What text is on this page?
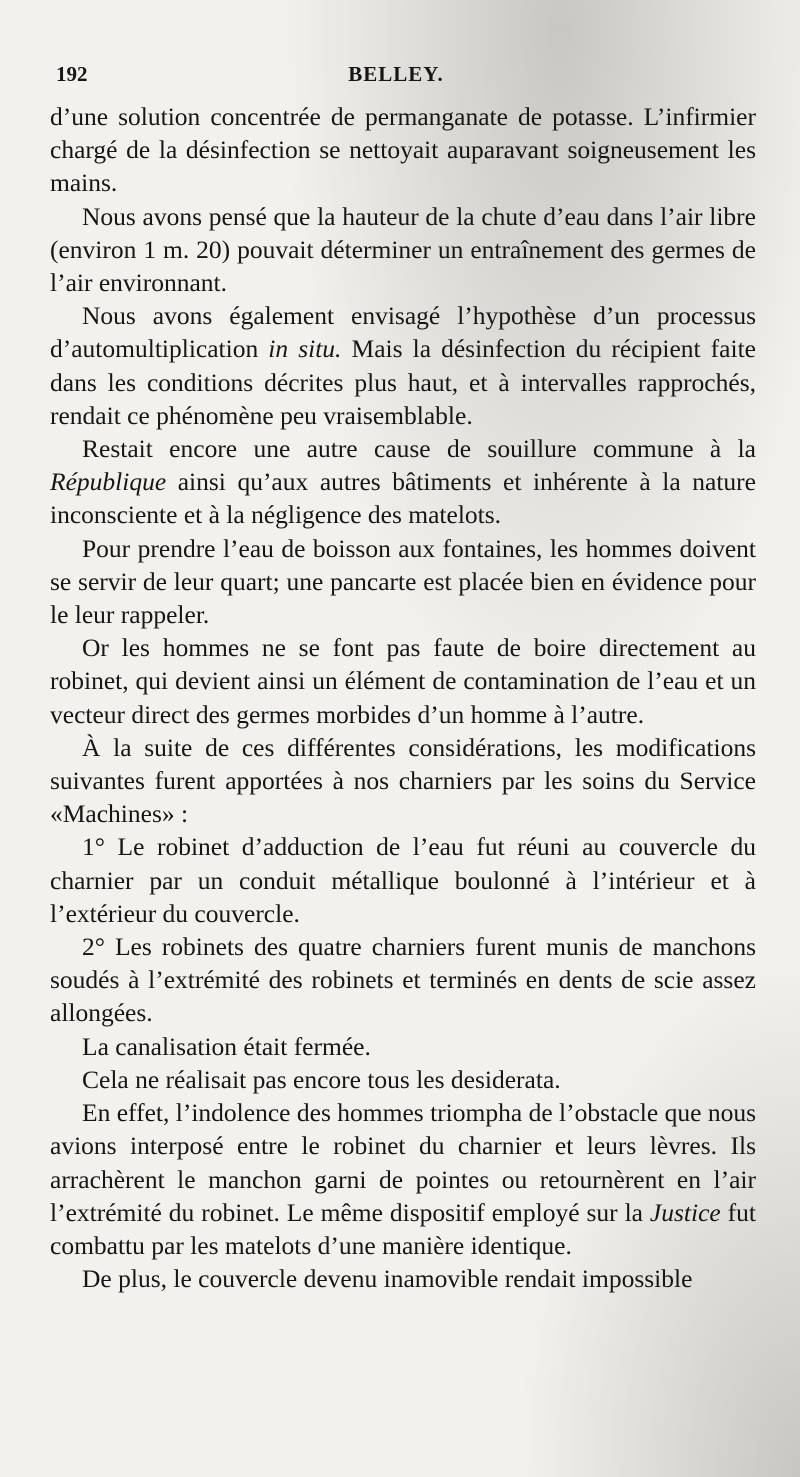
192	BELLEY.

d’une solution concentrée de permanganate de potasse. L’infirmier chargé de la désinfection se nettoyait auparavant soigneusement les mains.

Nous avons pensé que la hauteur de la chute d’eau dans l’air libre (environ 1 m. 20) pouvait déterminer un entraînement des germes de l’air environnant.

Nous avons également envisagé l’hypothèse d’un processus d’automultiplication in situ. Mais la désinfection du récipient faite dans les conditions décrites plus haut, et à intervalles rapprochés, rendait ce phénomène peu vraisemblable.

Restait encore une autre cause de souillure commune à la République ainsi qu’aux autres bâtiments et inhérente à la nature inconsciente et à la négligence des matelots.

Pour prendre l’eau de boisson aux fontaines, les hommes doivent se servir de leur quart; une pancarte est placée bien en évidence pour le leur rappeler.

Or les hommes ne se font pas faute de boire directement au robinet, qui devient ainsi un élément de contamination de l’eau et un vecteur direct des germes morbides d’un homme à l’autre.

À la suite de ces différentes considérations, les modifications suivantes furent apportées à nos charniers par les soins du Service «Machines» :

1° Le robinet d’adduction de l’eau fut réuni au couvercle du charnier par un conduit métallique boulonné à l’intérieur et à l’extérieur du couvercle.

2° Les robinets des quatre charniers furent munis de manchons soudés à l’extrémité des robinets et terminés en dents de scie assez allongées.

La canalisation était fermée.

Cela ne réalisait pas encore tous les desiderata.

En effet, l’indolence des hommes triompha de l’obstacle que nous avions interposé entre le robinet du charnier et leurs lèvres. Ils arrachèrent le manchon garni de pointes ou retournèrent en l’air l’extrémité du robinet. Le même dispositif employé sur la Justice fut combattu par les matelots d’une manière identique.

De plus, le couvercle devenu inamovible rendait impossible
